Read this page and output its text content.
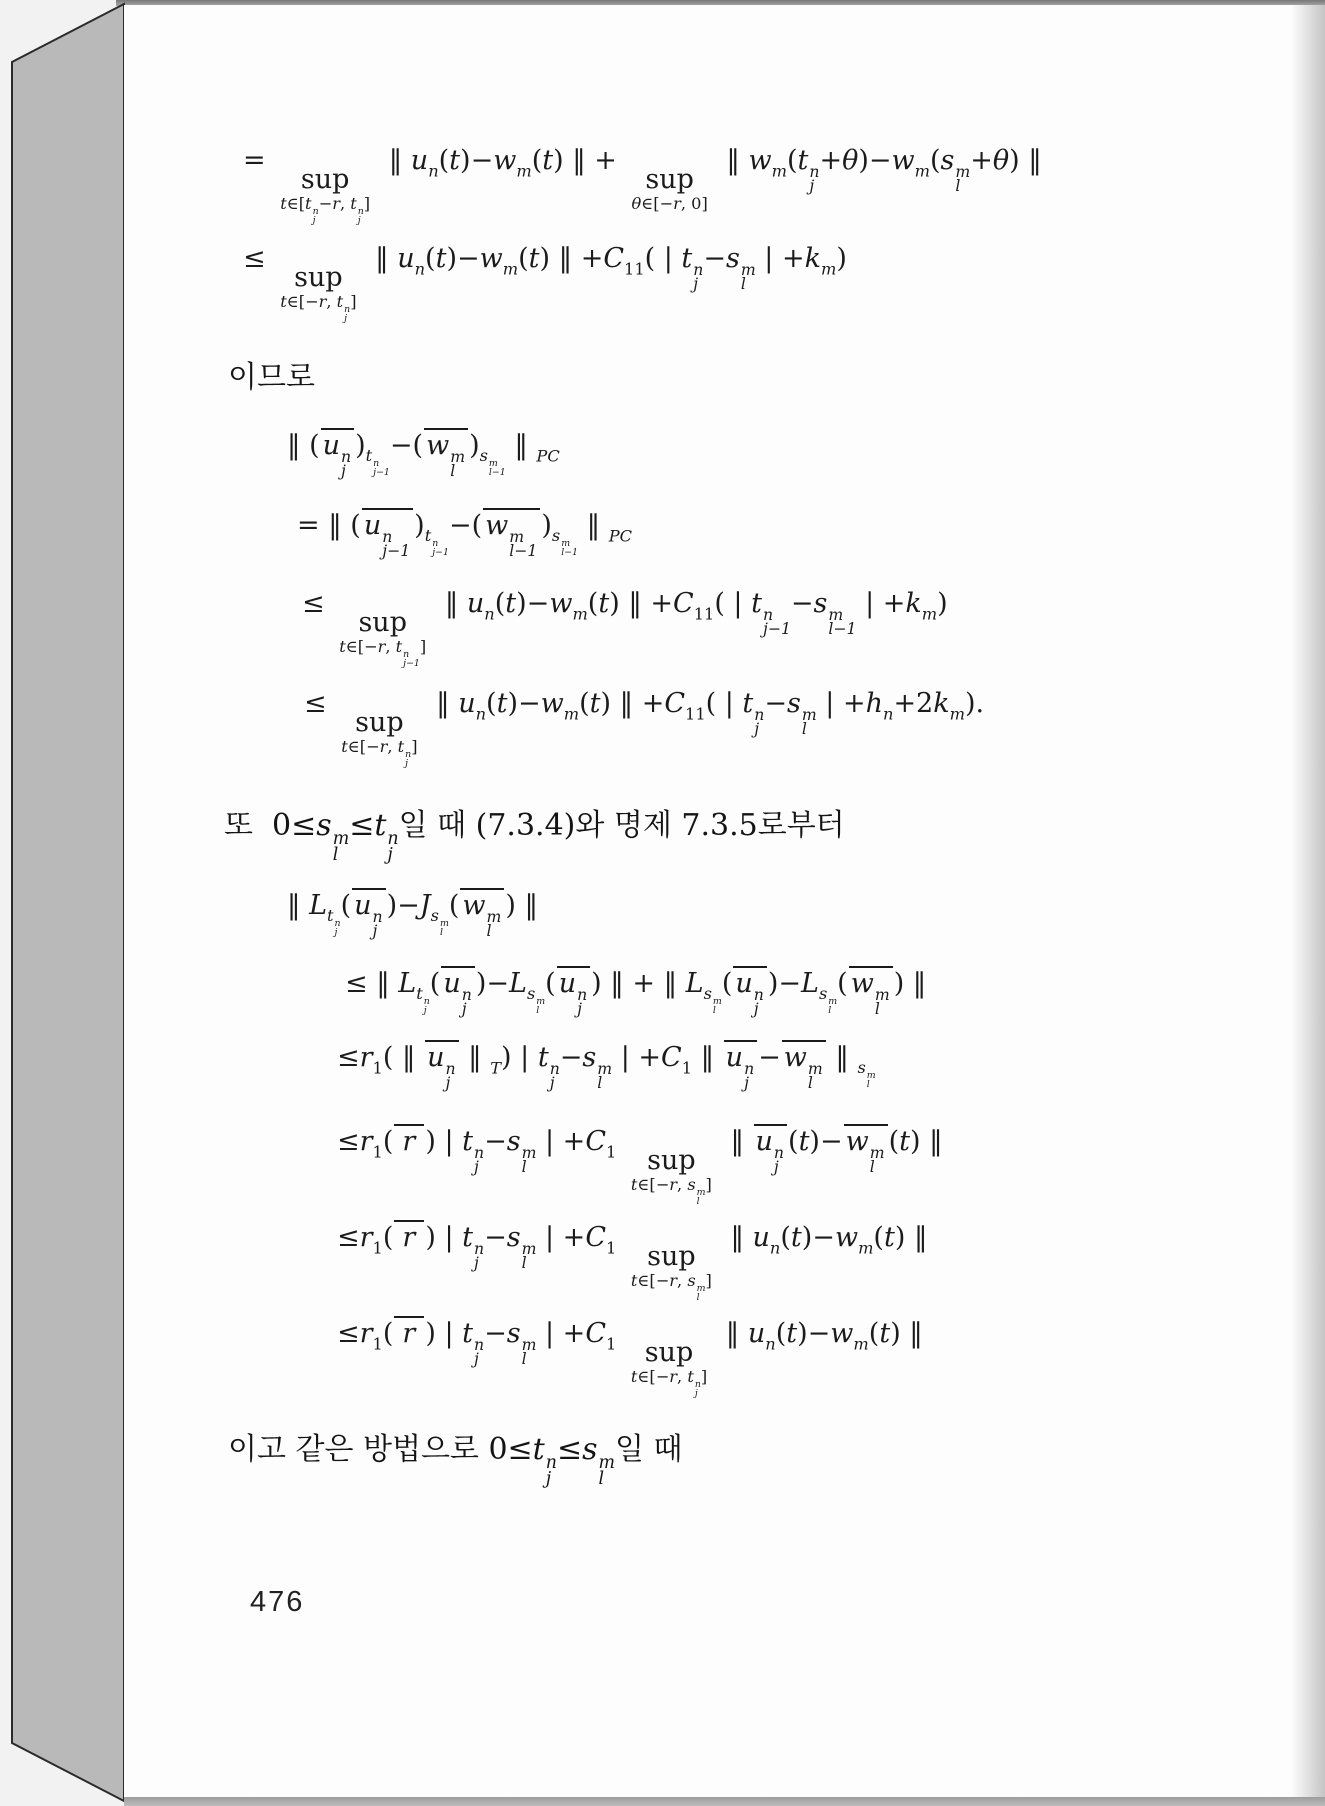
=
sup
t∈[t n
j
−r, t n
j
]
‖ $u_n(t)-w_m(t)$ ‖ +
sup
θ∈[−r, 0]
‖ $w_m(t$ n
j
$+\theta)-w_m(s$ m
l
+θ) ‖
≤
sup
t∈[−r, t n
j
]
‖ $u_n(t)-w_m(t)$ ‖ $+C_{11}$( | t n
j
−s m
l
| $+k_m$)
이므로
‖ ( u n
j
)$_{t n j-1}$
−( w m
l
)$_{s m l-1}$
‖ $_{PC}$
= ‖ ( u n
j−1
)$_{t n j-1}$
−( w m
l−1
)$_{s m l-1}$
‖ $_{PC}$
≤
sup
t∈[−r, t n
j−1
]
‖ $u_n(t)-w_m(t)$ ‖ $+C_{11}$( | t n
j−1
−s m
l−1
| $+k_m$)
≤
sup
t∈[−r, t n
j
]
‖ $u_n(t)-w_m(t)$ ‖ $+C_{11}$( | t n
j
−s m
l
| $+h_n+2k_m$).
또  0≤s m
l
≤t n
j
일 때 (7.3.4)와 명제 7.3.5로부터
‖ $L_{t n j}$
( u n
j
)$-J_{s m l}$
( w m
l
) ‖
≤ ‖ $L_{t n j}$
( u n
j
)$-L_{s m l}$
( u n
j
) ‖ + ‖ $L_{s m l}$
( u n
j
)$-L_{s m l}$
( w m
l
) ‖
$\le r_1$( ‖ u n
j
‖ $_T$) | t n
j
−s m
l
| $+C_1$ ‖ u n
j
− w m
l
‖ $_{s m l}$
$\le r_1$( r ) | t n
j
−s m
l
| $+C_1$ sup
t∈[−r, s m
l
]
‖ u n
j
(t)− w m
l
(t) ‖
$\le r_1$( r ) | t n
j
−s m
l
| $+C_1$ sup
t∈[−r, s m
l
]
‖ $u_n(t)-w_m(t)$ ‖
$\le r_1$( r ) | t n
j
−s m
l
| $+C_1$ sup
t∈[−r, t n
j
]
‖ $u_n(t)-w_m(t)$ ‖
이고 같은 방법으로 0≤t n
j
≤s m
l
일 때
476
